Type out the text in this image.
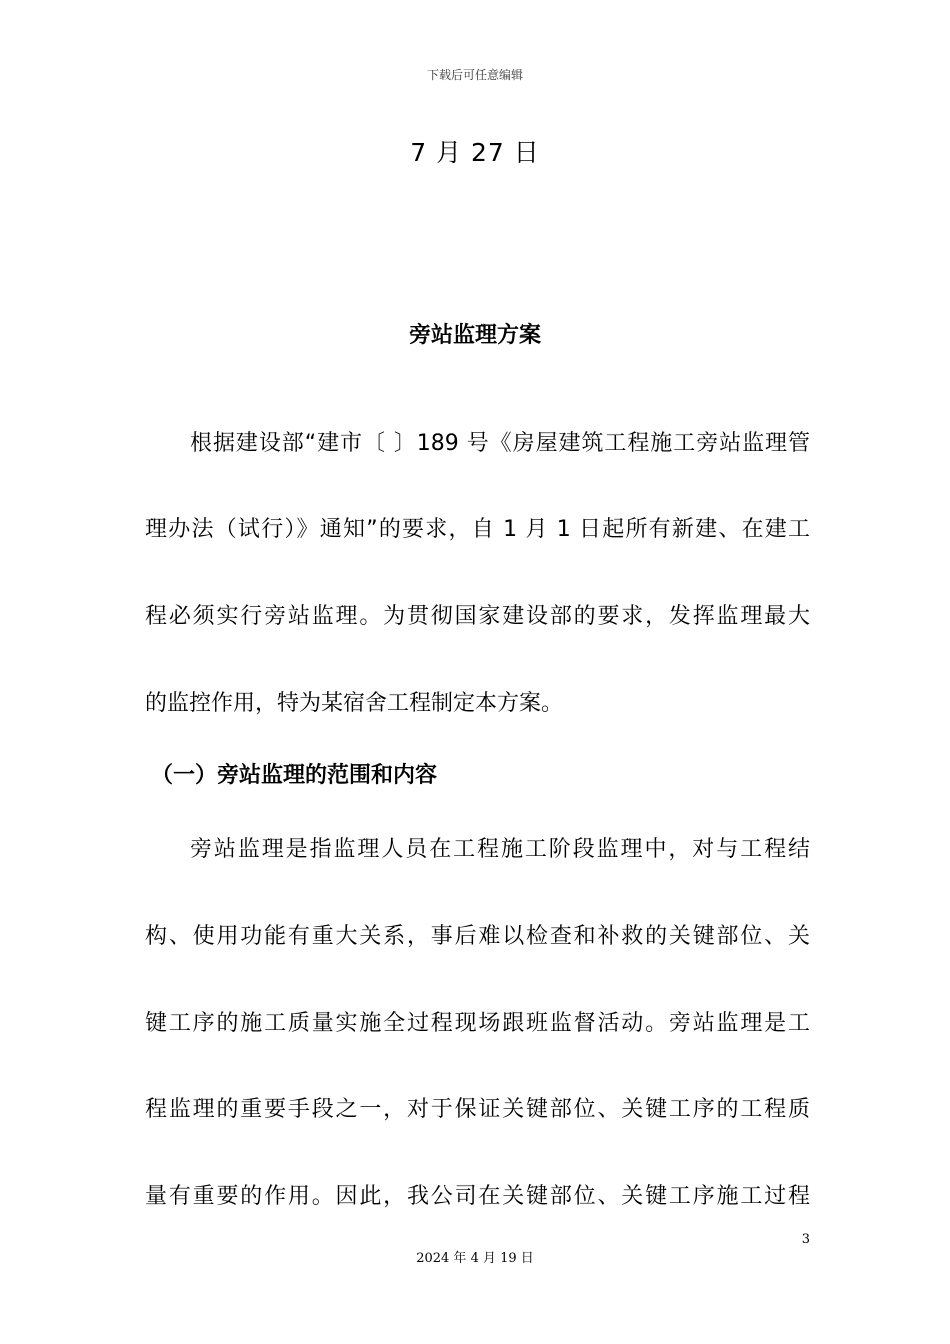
下载后可任意编辑
7 月 27 日
旁站监理方案
根据建设部“建市〔 〕189 号《房屋建筑工程施工旁站监理管
理办法（试行）》通知”的要求，自 1 月 1 日起所有新建、在建工
程必须实行旁站监理。为贯彻国家建设部的要求，发挥监理最大
的监控作用，特为某宿舍工程制定本方案。
（一）旁站监理的范围和内容
旁站监理是指监理人员在工程施工阶段监理中，对与工程结
构、使用功能有重大关系，事后难以检查和补救的关键部位、关
键工序的施工质量实施全过程现场跟班监督活动。旁站监理是工
程监理的重要手段之一，对于保证关键部位、关键工序的工程质
量有重要的作用。因此，我公司在关键部位、关键工序施工过程
3
2024 年 4 月 19 日
